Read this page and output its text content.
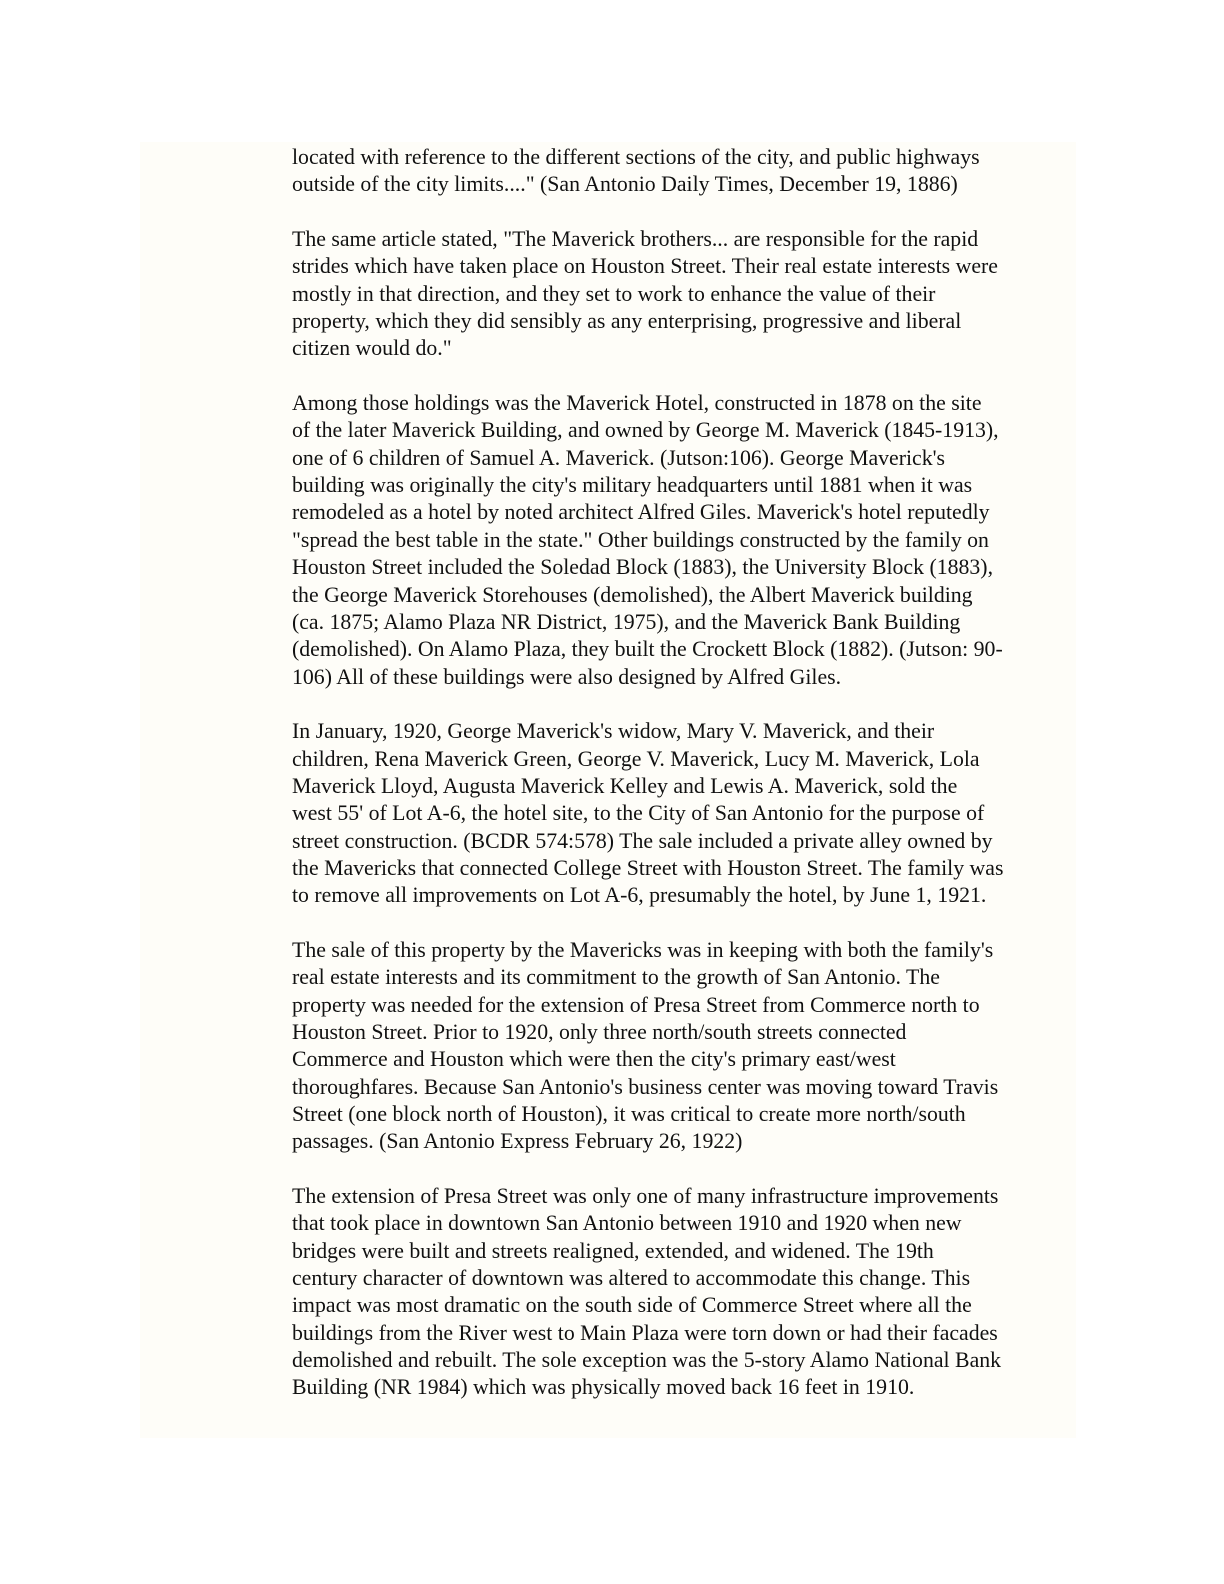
located with reference to the different sections of the city, and public highways
outside of the city limits...." (San Antonio Daily Times, December 19, 1886)

The same article stated, "The Maverick brothers... are responsible for the rapid
strides which have taken place on Houston Street. Their real estate interests were
mostly in that direction, and they set to work to enhance the value of their
property, which they did sensibly as any enterprising, progressive and liberal
citizen would do."

Among those holdings was the Maverick Hotel, constructed in 1878 on the site
of the later Maverick Building, and owned by George M. Maverick (1845-1913),
one of 6 children of Samuel A. Maverick. (Jutson:106). George Maverick's
building was originally the city's military headquarters until 1881 when it was
remodeled as a hotel by noted architect Alfred Giles. Maverick's hotel reputedly
"spread the best table in the state." Other buildings constructed by the family on
Houston Street included the Soledad Block (1883), the University Block (1883),
the George Maverick Storehouses (demolished), the Albert Maverick building
(ca. 1875; Alamo Plaza NR District, 1975), and the Maverick Bank Building
(demolished). On Alamo Plaza, they built the Crockett Block (1882). (Jutson: 90-
106) All of these buildings were also designed by Alfred Giles.

In January, 1920, George Maverick's widow, Mary V. Maverick, and their
children, Rena Maverick Green, George V. Maverick, Lucy M. Maverick, Lola
Maverick Lloyd, Augusta Maverick Kelley and Lewis A. Maverick, sold the
west 55' of Lot A-6, the hotel site, to the City of San Antonio for the purpose of
street construction. (BCDR 574:578) The sale included a private alley owned by
the Mavericks that connected College Street with Houston Street. The family was
to remove all improvements on Lot A-6, presumably the hotel, by June 1, 1921.

The sale of this property by the Mavericks was in keeping with both the family's
real estate interests and its commitment to the growth of San Antonio. The
property was needed for the extension of Presa Street from Commerce north to
Houston Street. Prior to 1920, only three north/south streets connected
Commerce and Houston which were then the city's primary east/west
thoroughfares. Because San Antonio's business center was moving toward Travis
Street (one block north of Houston), it was critical to create more north/south
passages. (San Antonio Express February 26, 1922)

The extension of Presa Street was only one of many infrastructure improvements
that took place in downtown San Antonio between 1910 and 1920 when new
bridges were built and streets realigned, extended, and widened. The 19th
century character of downtown was altered to accommodate this change. This
impact was most dramatic on the south side of Commerce Street where all the
buildings from the River west to Main Plaza were torn down or had their facades
demolished and rebuilt. The sole exception was the 5-story Alamo National Bank
Building (NR 1984) which was physically moved back 16 feet in 1910.
